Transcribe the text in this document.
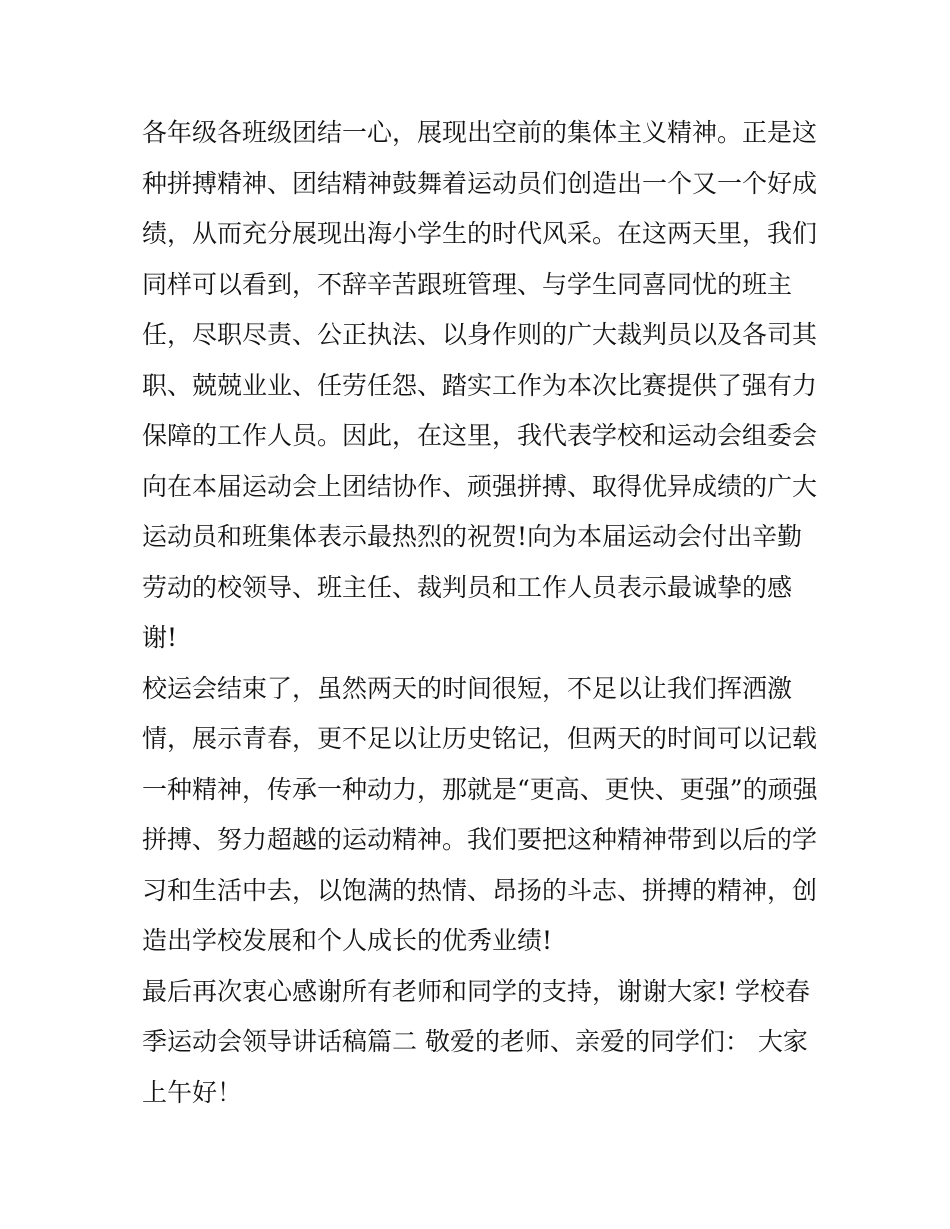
各年级各班级团结一心，展现出空前的集体主义精神。正是这
种拼搏精神、团结精神鼓舞着运动员们创造出一个又一个好成
绩，从而充分展现出海小学生的时代风采。在这两天里，我们
同样可以看到，不辞辛苦跟班管理、与学生同喜同忧的班主
任，尽职尽责、公正执法、以身作则的广大裁判员以及各司其
职、兢兢业业、任劳任怨、踏实工作为本次比赛提供了强有力
保障的工作人员。因此，在这里，我代表学校和运动会组委会
向在本届运动会上团结协作、顽强拼搏、取得优异成绩的广大
运动员和班集体表示最热烈的祝贺!向为本届运动会付出辛勤
劳动的校领导、班主任、裁判员和工作人员表示最诚挚的感
谢!
校运会结束了，虽然两天的时间很短，不足以让我们挥洒激
情，展示青春，更不足以让历史铭记，但两天的时间可以记载
一种精神，传承一种动力，那就是“更高、更快、更强”的顽强
拼搏、努力超越的运动精神。我们要把这种精神带到以后的学
习和生活中去，以饱满的热情、昂扬的斗志、拼搏的精神，创
造出学校发展和个人成长的优秀业绩!
最后再次衷心感谢所有老师和同学的支持，谢谢大家! 学校春
季运动会领导讲话稿篇二 敬爱的老师、亲爱的同学们： 大家
上午好！
